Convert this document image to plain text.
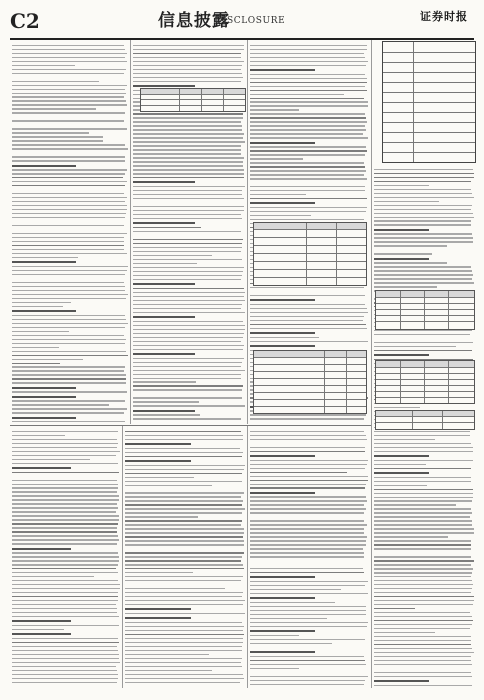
C2	信息披露
DISCLOSURE	证券时报
